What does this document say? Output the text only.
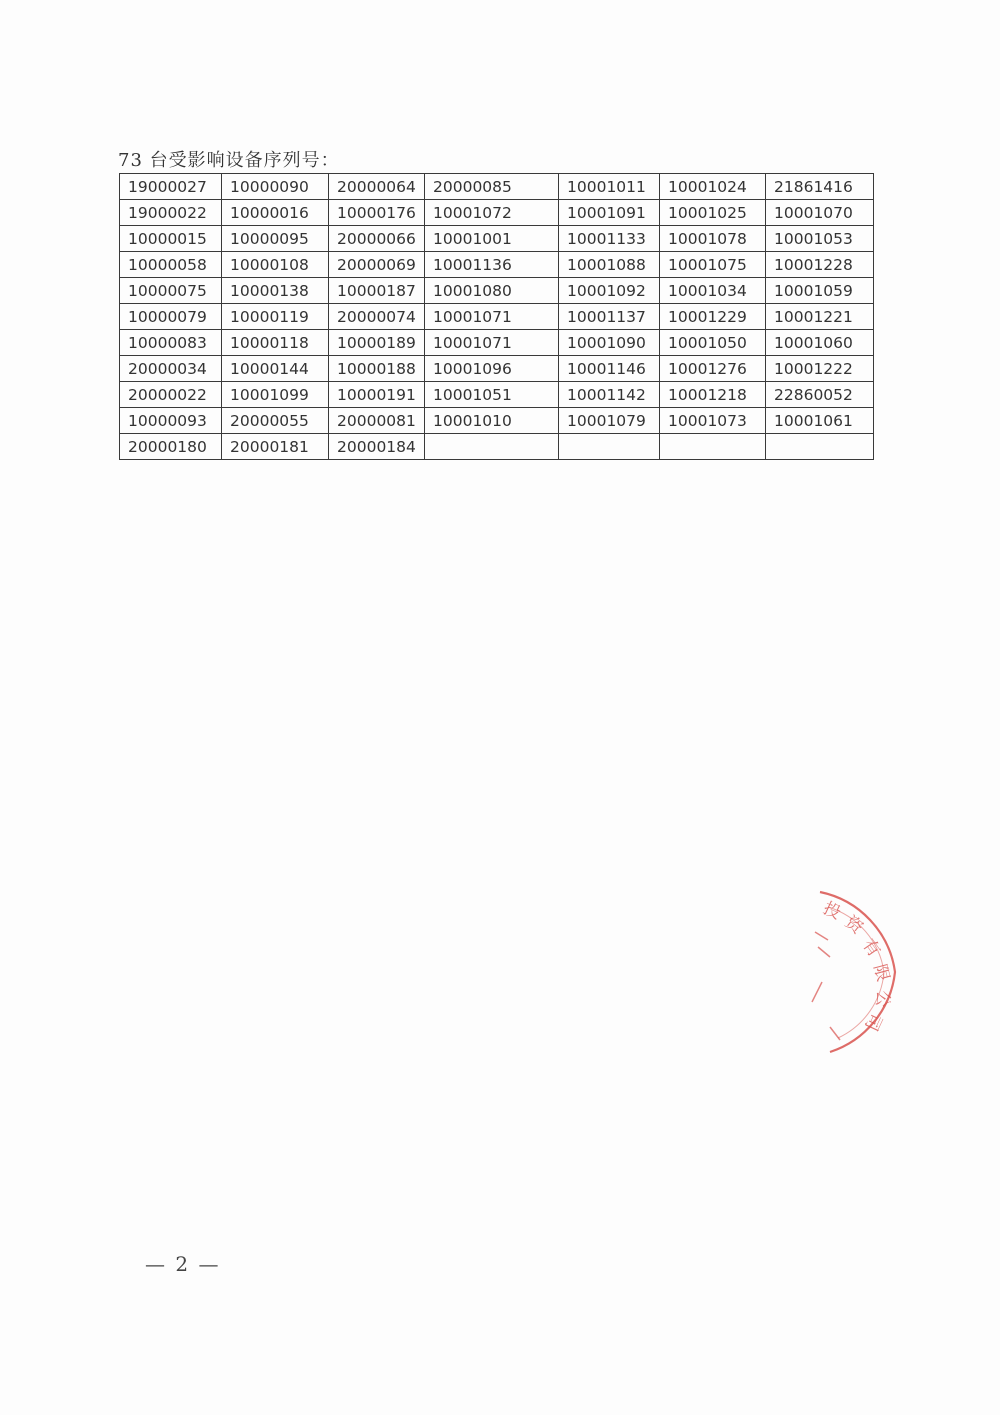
73 台受影响设备序列号：
19000027	10000090	20000064	20000085	10001011	10001024	21861416
19000022	10000016	10000176	10001072	10001091	10001025	10001070
10000015	10000095	20000066	10001001	10001133	10001078	10001053
10000058	10000108	20000069	10001136	10001088	10001075	10001228
10000075	10000138	10000187	10001080	10001092	10001034	10001059
10000079	10000119	20000074	10001071	10001137	10001229	10001221
10000083	10000118	10000189	10001071	10001090	10001050	10001060
20000034	10000144	10000188	10001096	10001146	10001276	10001222
20000022	10001099	10000191	10001051	10001142	10001218	22860052
10000093	20000055	20000081	10001010	10001079	10001073	10001061
20000180	20000181	20000184				
投
资
有
限
公
司
— 2 —
